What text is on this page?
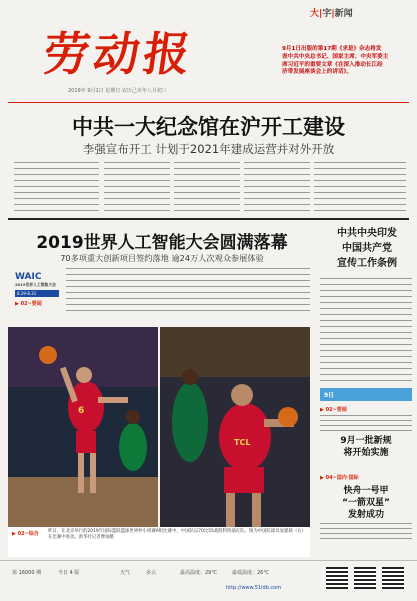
劳动报
2019年 9月1日 星期日 农历己亥年八月初三
大|字|新闻
9月1日出版的第17期《求是》杂志将发
表中共中央总书记、国家主席、中央军委主
席习近平的重要文章《在深入推动长江经
济带发展座谈会上的讲话》。
中共一大纪念馆在沪开工建设
李强宣布开工 计划于2021年建成运营并对外开放
2019世界人工智能大会圆满落幕
70多项重大创新项目签约落地 逾24万人次观众参展体验
WAIC
2019世界人工智能大会
8.29-8.31
▶ 02~要闻
6
TCL
▶ 02~综合 昨日，在北京举行的2019年国际篮联篮球世界杯小组赛A组比赛中，中国队以70比55战胜科特迪瓦队。图为中国队球员易建联（右）在比赛中进攻。新华社记者曹灿摄
中共中央印发
中国共产党
宣传工作条例
9日
▶ 02~要闻
9月一批新规
将开始实施
▶ 04~国内·国际
快舟一号甲
“一箭双星”
发射成功
第 16000 期	今日 4 版	天气	多云	最高温度：29℃	最低温度：26℃
http://www.51ldb.com
